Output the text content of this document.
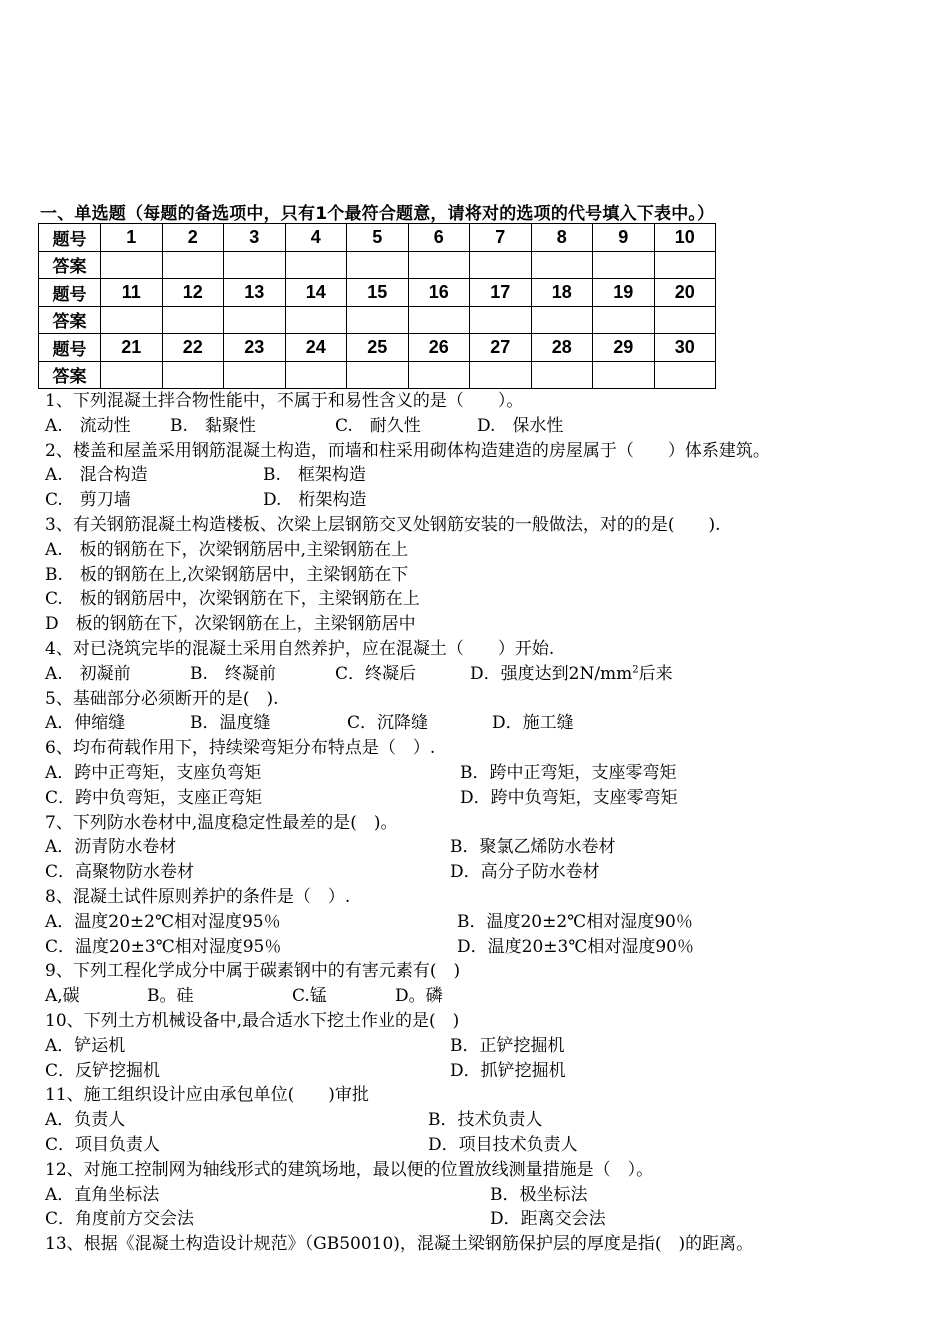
一、单选题（每题的备选项中，只有1个最符合题意，请将对的选项的代号填入下表中。）
题号	1	2	3	4	5	6	7	8	9	10
答案										
题号	11	12	13	14	15	16	17	18	19	20
答案										
题号	21	22	23	24	25	26	27	28	29	30
答案										
1、下列混凝土拌合物性能中，不属于和易性含义的是（　　）。
A.　流动性	B.　黏聚性	C.　耐久性	D.　保水性
2、楼盖和屋盖采用钢筋混凝土构造，而墙和柱采用砌体构造建造的房屋属于（　　）体系建筑。
A.　混合构造	B.　框架构造
C.　剪刀墙	D.　桁架构造
3、有关钢筋混凝土构造楼板、次梁上层钢筋交叉处钢筋安装的一般做法，对的的是(　　).
A.　板的钢筋在下，次梁钢筋居中,主梁钢筋在上
B.　板的钢筋在上,次梁钢筋居中，主梁钢筋在下
C.　板的钢筋居中，次梁钢筋在下，主梁钢筋在上
D　板的钢筋在下，次梁钢筋在上，主梁钢筋居中
4、对已浇筑完毕的混凝土采用自然养护，应在混凝土（　　）开始.
A.　初凝前	B.　终凝前	C．终凝后	D．强度达到$2N/mm^2$后来
5、基础部分必须断开的是(　).
A．伸缩缝	B．温度缝	C．沉降缝	D．施工缝
6、均布荷载作用下，持续梁弯矩分布特点是（　）.
A．跨中正弯矩，支座负弯矩	B．跨中正弯矩，支座零弯矩
C．跨中负弯矩，支座正弯矩	D．跨中负弯矩，支座零弯矩
7、下列防水卷材中,温度稳定性最差的是(　)。
A．沥青防水卷材	B．聚氯乙烯防水卷材
C．高聚物防水卷材	D．高分子防水卷材
8、混凝土试件原则养护的条件是（　）.
A．温度20±2℃相对湿度95％	B．温度20±2℃相对湿度90％
C．温度20±3℃相对湿度95％	D．温度20±3℃相对湿度90％
9、下列工程化学成分中属于碳素钢中的有害元素有(　)
A,碳	B。硅	C.锰	D。磷
10、下列土方机械设备中,最合适水下挖土作业的是(　)
A．铲运机	B．正铲挖掘机
C．反铲挖掘机	D．抓铲挖掘机
11、施工组织设计应由承包单位(　　)审批
A．负责人	B．技术负责人
C．项目负责人	D．项目技术负责人
12、对施工控制网为轴线形式的建筑场地，最以便的位置放线测量措施是（　）。
A．直角坐标法	B．极坐标法
C．角度前方交会法	D．距离交会法
13、根据《混凝土构造设计规范》（GB50010)，混凝土梁钢筋保护层的厚度是指(　)的距离。
